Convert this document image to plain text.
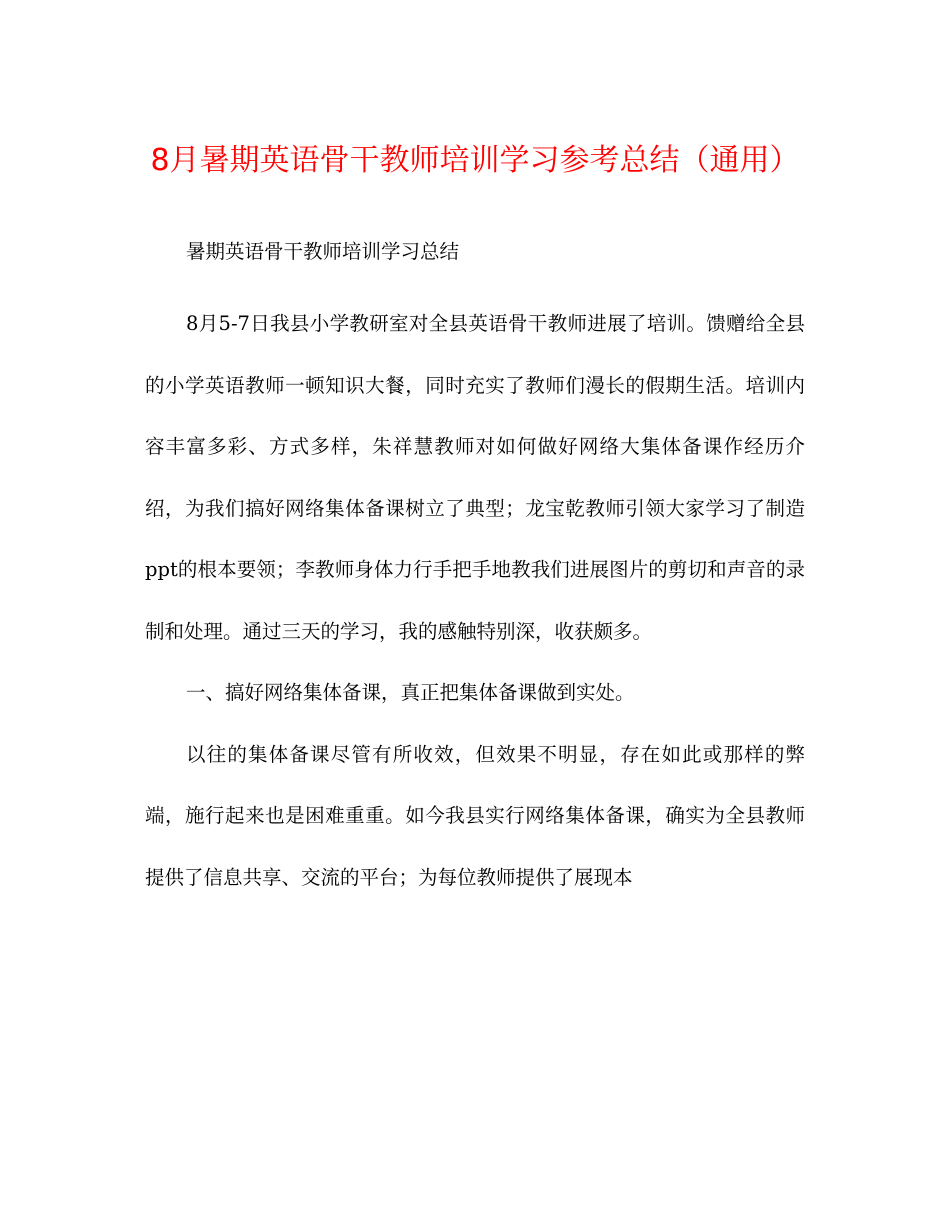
8月暑期英语骨干教师培训学习参考总结（通用）

暑期英语骨干教师培训学习总结

8月5-7日我县小学教研室对全县英语骨干教师进展了培训。馈赠给全县的小学英语教师一顿知识大餐，同时充实了教师们漫长的假期生活。培训内容丰富多彩、方式多样，朱祥慧教师对如何做好网络大集体备课作经历介绍，为我们搞好网络集体备课树立了典型；龙宝乾教师引领大家学习了制造ppt的根本要领；李教师身体力行手把手地教我们进展图片的剪切和声音的录制和处理。通过三天的学习，我的感触特别深，收获颇多。

一、搞好网络集体备课，真正把集体备课做到实处。

以往的集体备课尽管有所收效，但效果不明显，存在如此或那样的弊端，施行起来也是困难重重。如今我县实行网络集体备课，确实为全县教师提供了信息共享、交流的平台；为每位教师提供了展现本
